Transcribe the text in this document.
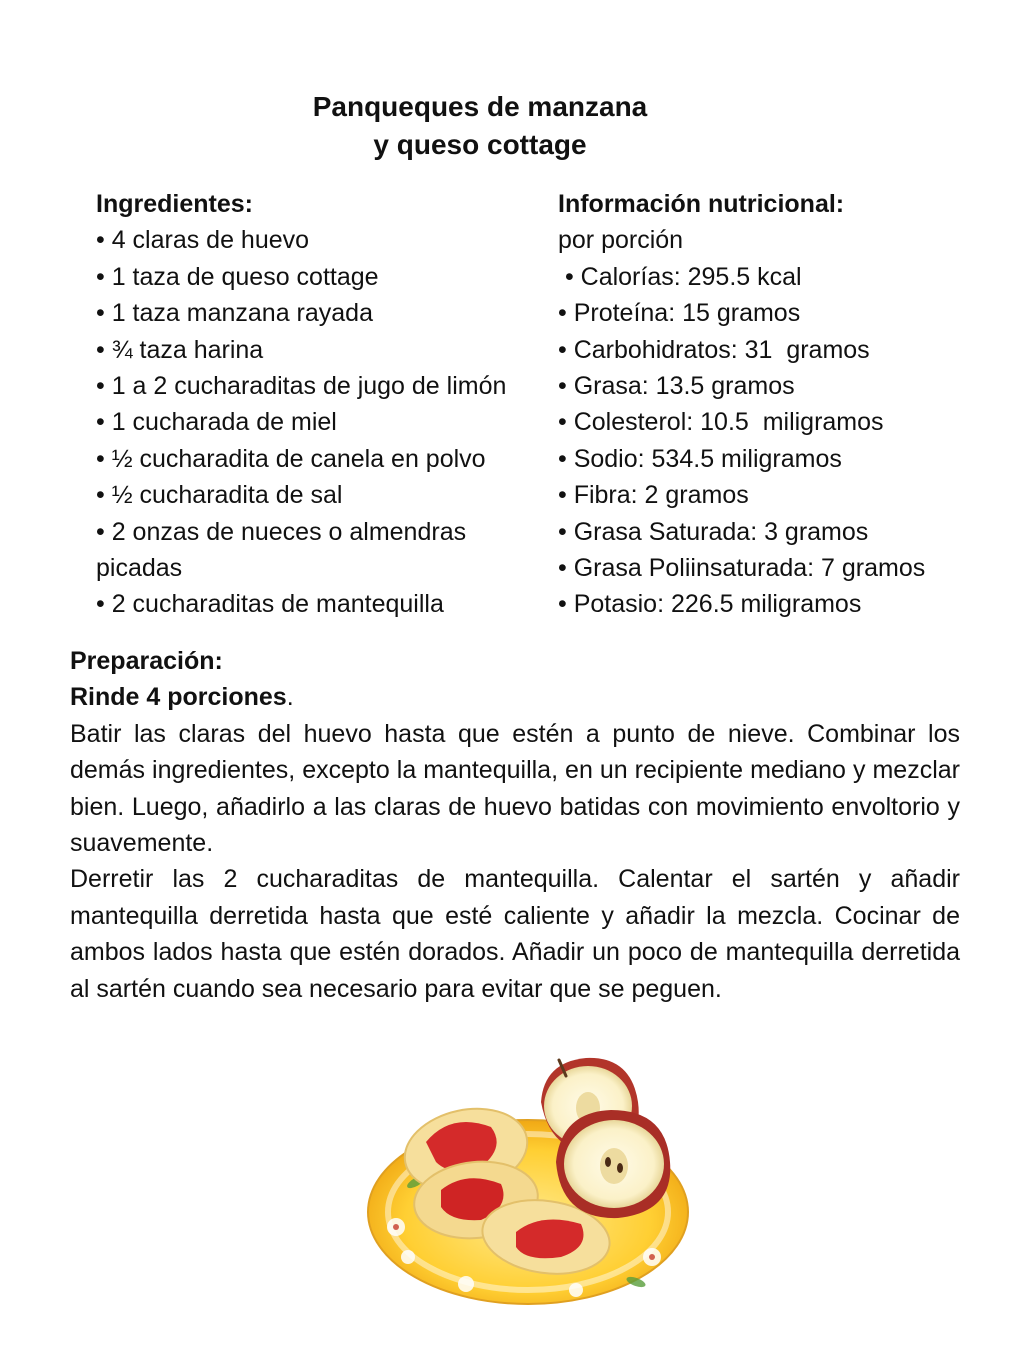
Panqueques de manzana
y queso cottage
Ingredientes:
• 4 claras de huevo
• 1 taza de queso cottage
• 1 taza manzana rayada
• ¾ taza harina
• 1 a 2 cucharaditas de jugo de limón
• 1 cucharada de miel
• ½ cucharadita de canela en polvo
• ½ cucharadita de sal
• 2 onzas de nueces o almendras picadas
• 2 cucharaditas de mantequilla
Información nutricional:
por porción
• Calorías: 295.5 kcal
• Proteína: 15 gramos
• Carbohidratos: 31  gramos
• Grasa: 13.5 gramos
• Colesterol: 10.5  miligramos
• Sodio: 534.5 miligramos
• Fibra: 2 gramos
• Grasa Saturada: 3 gramos
• Grasa Poliinsaturada: 7 gramos
• Potasio: 226.5 miligramos
Preparación:
Rinde 4 porciones.

Batir las claras del huevo hasta que estén a punto de nieve. Combinar los demás ingredientes, excepto la mantequilla, en un recipiente mediano y mezclar bien. Luego, añadirlo a las claras de huevo batidas con movimiento envoltorio y suavemente.

Derretir las 2 cucharaditas de mantequilla. Calentar el sartén y añadir mantequilla derretida hasta que esté caliente y añadir la mezcla. Cocinar de ambos lados hasta que estén dorados. Añadir un poco de mantequilla derretida al sartén cuando sea necesario para evitar que se peguen.
